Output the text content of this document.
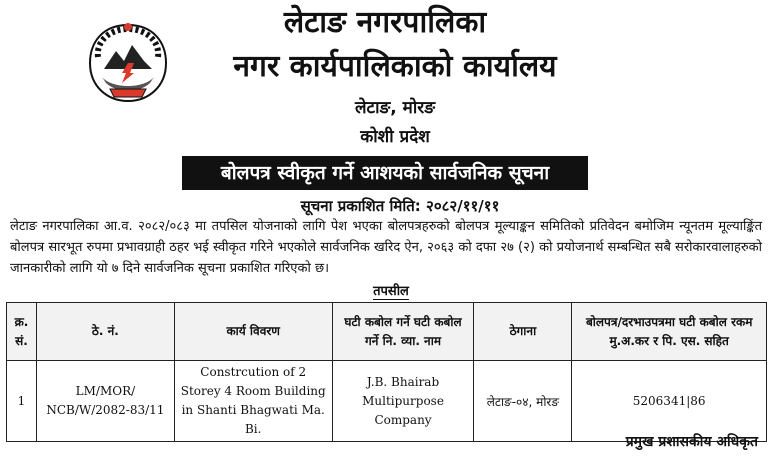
लेटाङ नगरपालिका
नगर कार्यपालिकाको कार्यालय
लेटाङ, मोरङ
कोशी प्रदेश
बोलपत्र स्वीकृत गर्ने आशयको सार्वजनिक सूचना
सूचना प्रकाशित मिति: २०८२/११/११
लेटाङ नगरपालिका आ.व. २०८२/०८३ मा तपसिल योजनाको लागि पेश भएका बोलपत्रहरुको बोलपत्र मूल्याङ्कन समितिको प्रतिवेदन बमोजिम न्यूनतम मूल्याङ्किंत बोलपत्र सारभूत रुपमा प्रभावग्राही ठहर भई स्वीकृत गरिने भएकोले सार्वजनिक खरिद ऐन, २०६३ को दफा २७ (२) को प्रयोजनार्थ सम्बन्धित सबै सरोकारवालाहरुको जानकारीको लागि यो ७ दिने सार्वजनिक सूचना प्रकाशित गरिएको छ।
तपसील
क्र. सं.	ठे. नं.	कार्य विवरण	घटी कबोल गर्ने घटी कबोल गर्ने नि. व्या. नाम	ठेगाना	बोलपत्र/दरभाउपत्रमा घटी कबोल रकम मु.अ.कर र पि. एस. सहित
1	LM/MOR/ NCB/W/2082-83/11	Constrcution of 2 Storey 4 Room Building in Shanti Bhagwati Ma. Bi.	J.B. Bhairab Multipurpose Company	लेटाङ-०४, मोरङ	5206341|86
प्रमुख प्रशासकीय अधिकृत
